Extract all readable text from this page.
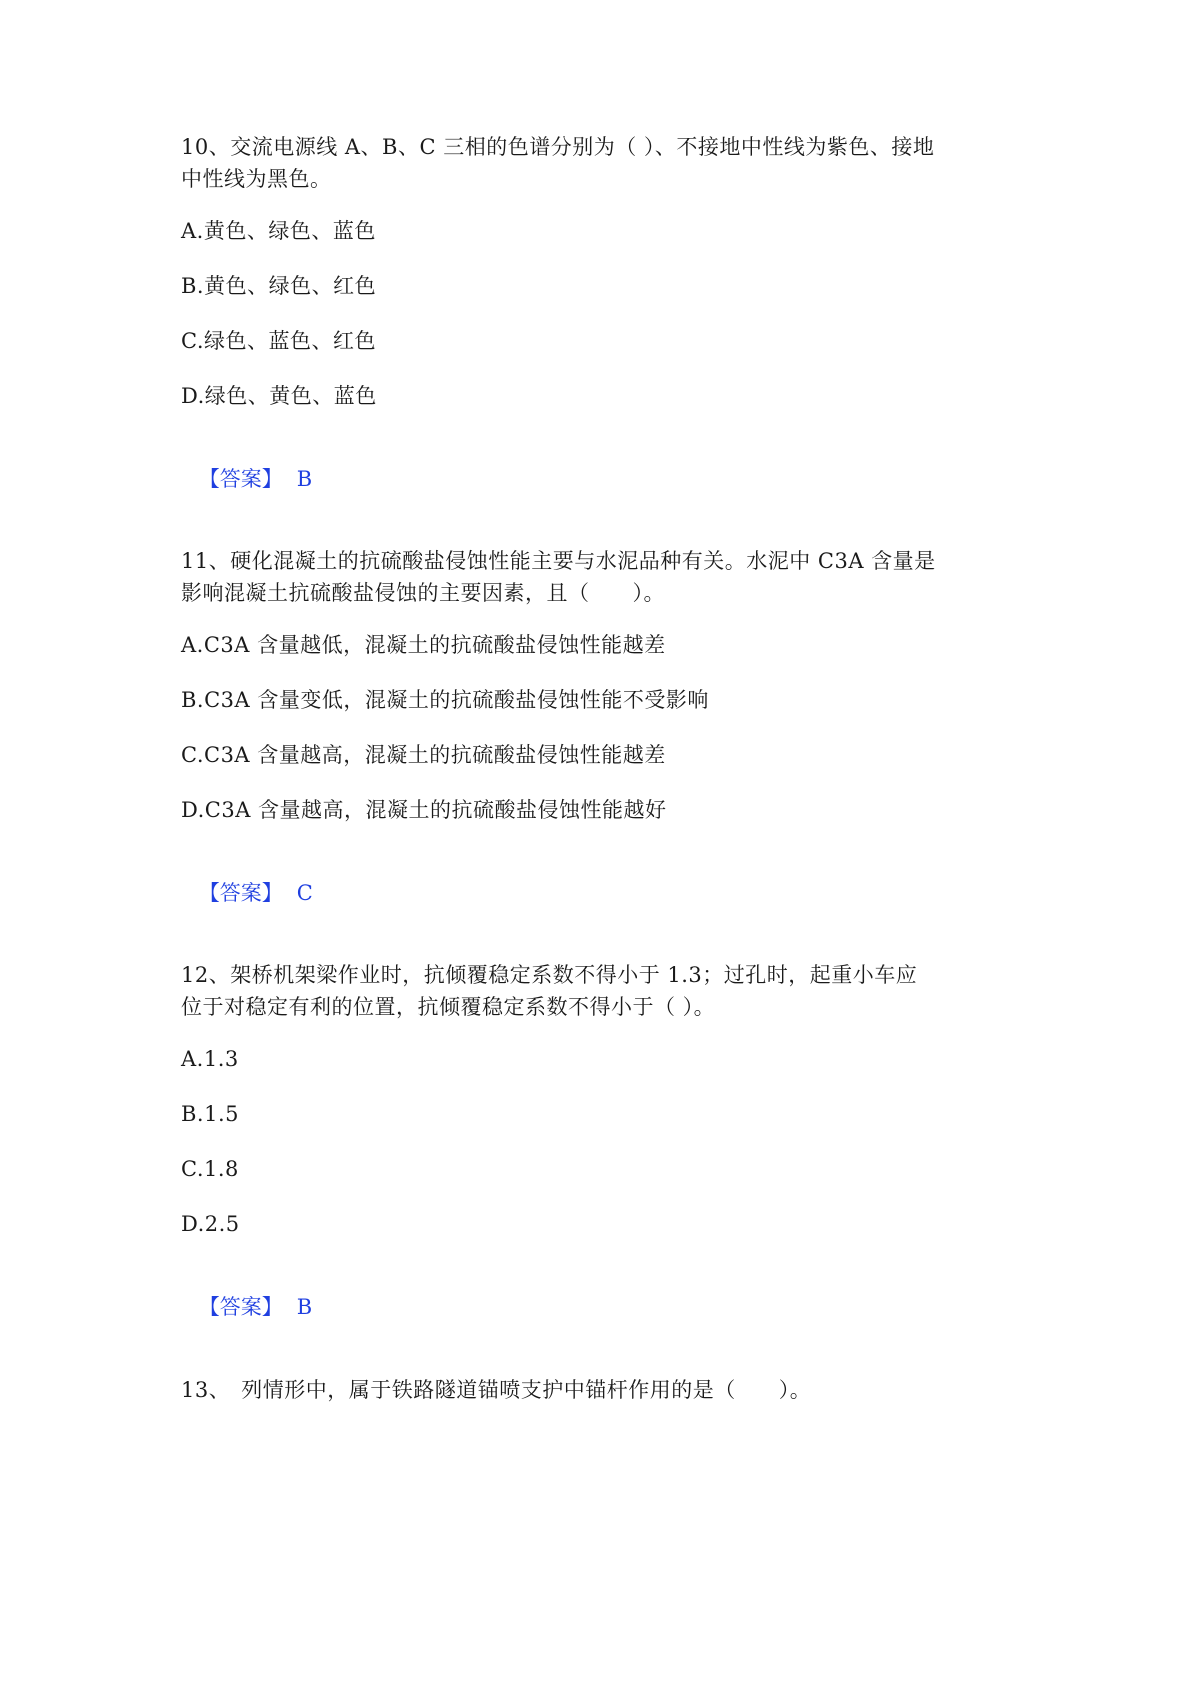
10、交流电源线 A、B、C 三相的色谱分别为（ ）、不接地中性线为紫色、接地
中性线为黑色。
A.黄色、绿色、蓝色
B.黄色、绿色、红色
C.绿色、蓝色、红色
D.绿色、黄色、蓝色

【答案】 B

11、硬化混凝土的抗硫酸盐侵蚀性能主要与水泥品种有关。水泥中 C3A 含量是
影响混凝土抗硫酸盐侵蚀的主要因素，且（　　）。
A.C3A 含量越低，混凝土的抗硫酸盐侵蚀性能越差
B.C3A 含量变低，混凝土的抗硫酸盐侵蚀性能不受影响
C.C3A 含量越高，混凝土的抗硫酸盐侵蚀性能越差
D.C3A 含量越高，混凝土的抗硫酸盐侵蚀性能越好

【答案】 C

12、架桥机架梁作业时，抗倾覆稳定系数不得小于 1.3；过孔时，起重小车应
位于对稳定有利的位置，抗倾覆稳定系数不得小于（ ）。
A.1.3
B.1.5
C.1.8
D.2.5

【答案】 B

13、　列情形中，属于铁路隧道锚喷支护中锚杆作用的是（　　）。
